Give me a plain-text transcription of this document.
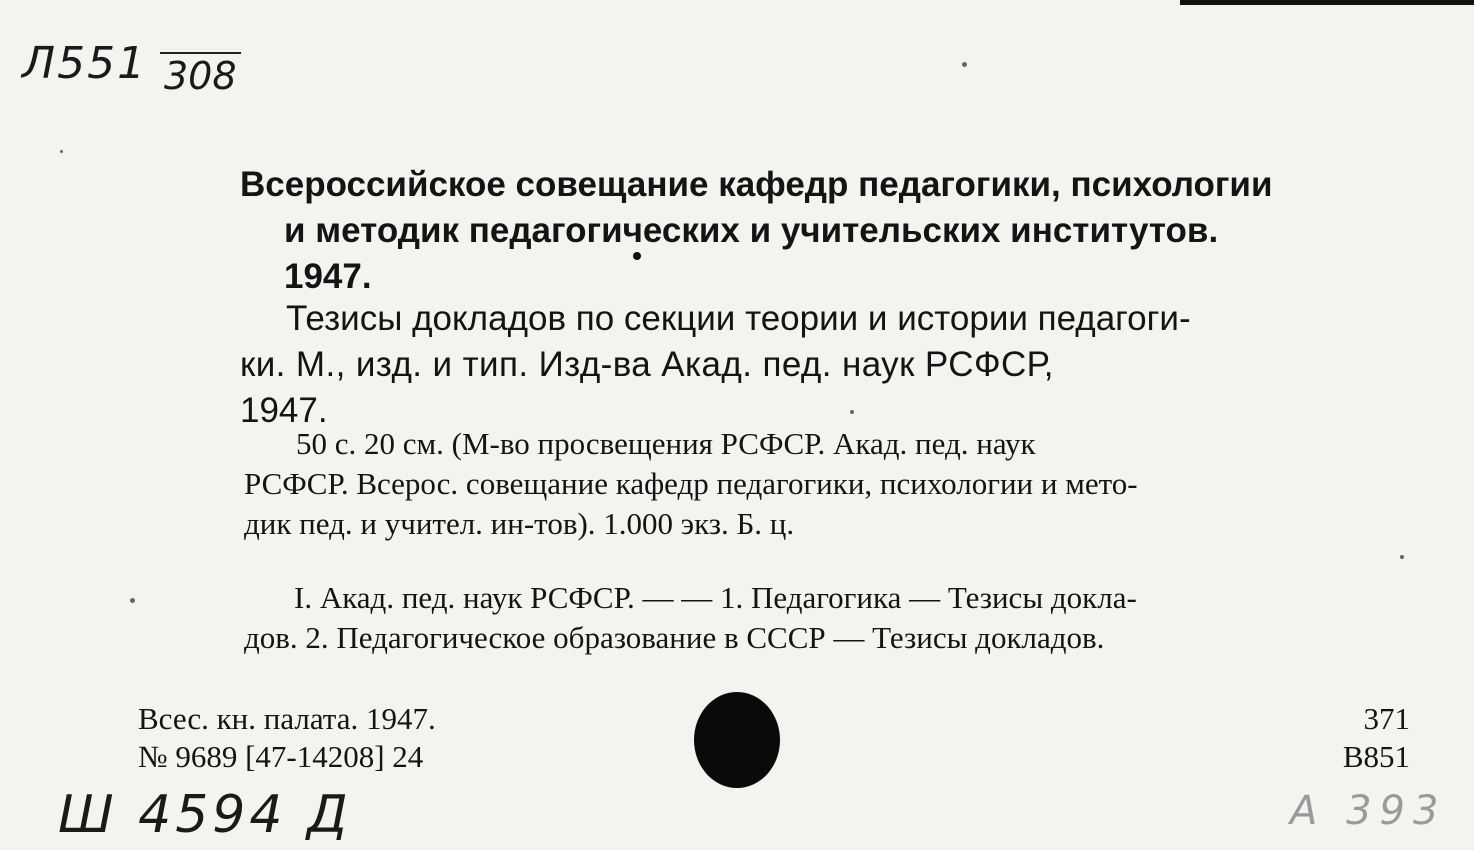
Л551 308
Всероссийское совещание кафедр педагогики, психологии
и методик педагогических и учительских институтов.
1947.
Тезисы докладов по секции теории и истории педагоги-
ки. М., изд. и тип. Изд-ва Акад. пед. наук РСФСР,
1947.
50 с. 20 см. (М-во просвещения РСФСР. Акад. пед. наук
РСФСР. Всерос. совещание кафедр педагогики, психологии и мето-
дик пед. и учител. ин-тов). 1.000 экз. Б. ц.
I. Акад. пед. наук РСФСР. — — 1. Педагогика — Тезисы докла-
дов. 2. Педагогическое образование в СССР — Тезисы докладов.
Всес. кн. палата. 1947.
№ 9689 [47-14208] 24
371
B851
Ш 4594 Д	А 393
